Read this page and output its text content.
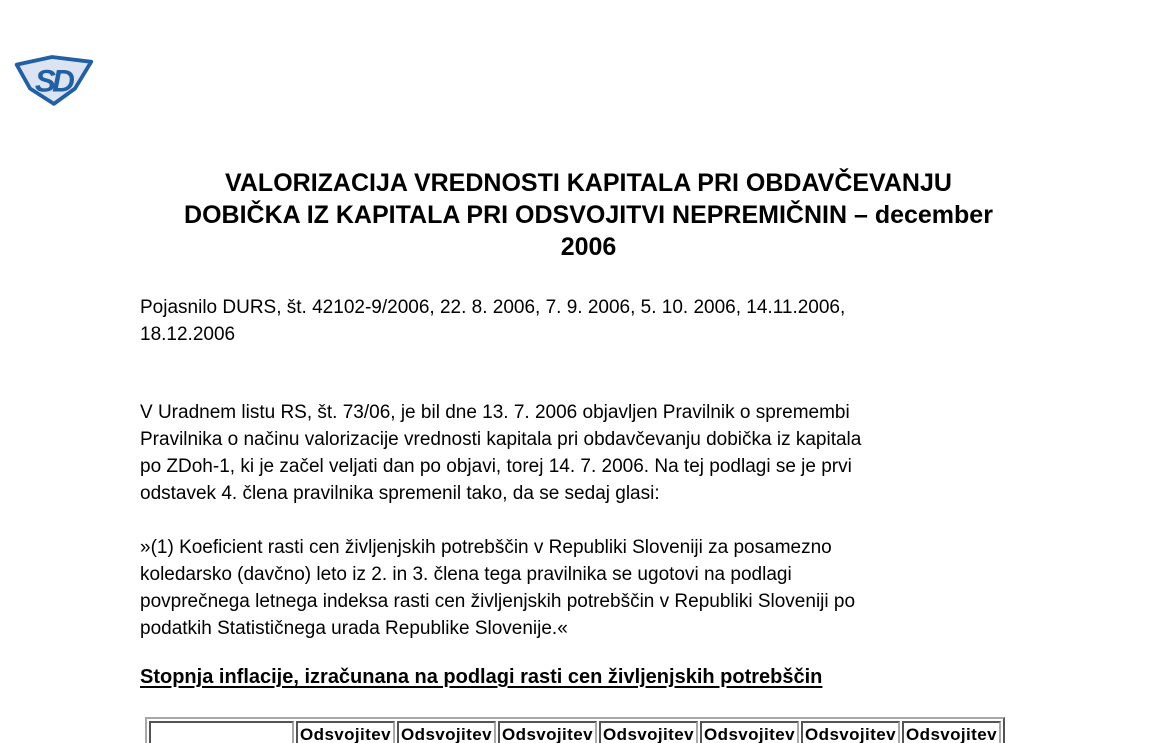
SD
VALORIZACIJA VREDNOSTI KAPITALA PRI OBDAVČEVANJU
DOBIČKA IZ KAPITALA PRI ODSVOJITVI NEPREMIČNIN – december
2006
Pojasnilo DURS, št. 42102-9/2006, 22. 8. 2006, 7. 9. 2006, 5. 10. 2006, 14.11.2006,
18.12.2006
V Uradnem listu RS, št. 73/06, je bil dne 13. 7. 2006 objavljen Pravilnik o spremembi
Pravilnika o načinu valorizacije vrednosti kapitala pri obdavčevanju dobička iz kapitala
po ZDoh-1, ki je začel veljati dan po objavi, torej 14. 7. 2006. Na tej podlagi se je prvi
odstavek 4. člena pravilnika spremenil tako, da se sedaj glasi:
»(1) Koeficient rasti cen življenjskih potrebščin v Republiki Sloveniji za posamezno
koledarsko (davčno) leto iz 2. in 3. člena tega pravilnika se ugotovi na podlagi
povprečnega letnega indeksa rasti cen življenjskih potrebščin v Republiki Sloveniji po
podatkih Statističnega urada Republike Slovenije.«
Stopnja inflacije, izračunana na podlagi rasti cen življenjskih potrebščin
	Odsvojitev	Odsvojitev	Odsvojitev	Odsvojitev	Odsvojitev	Odsvojitev	Odsvojitev
